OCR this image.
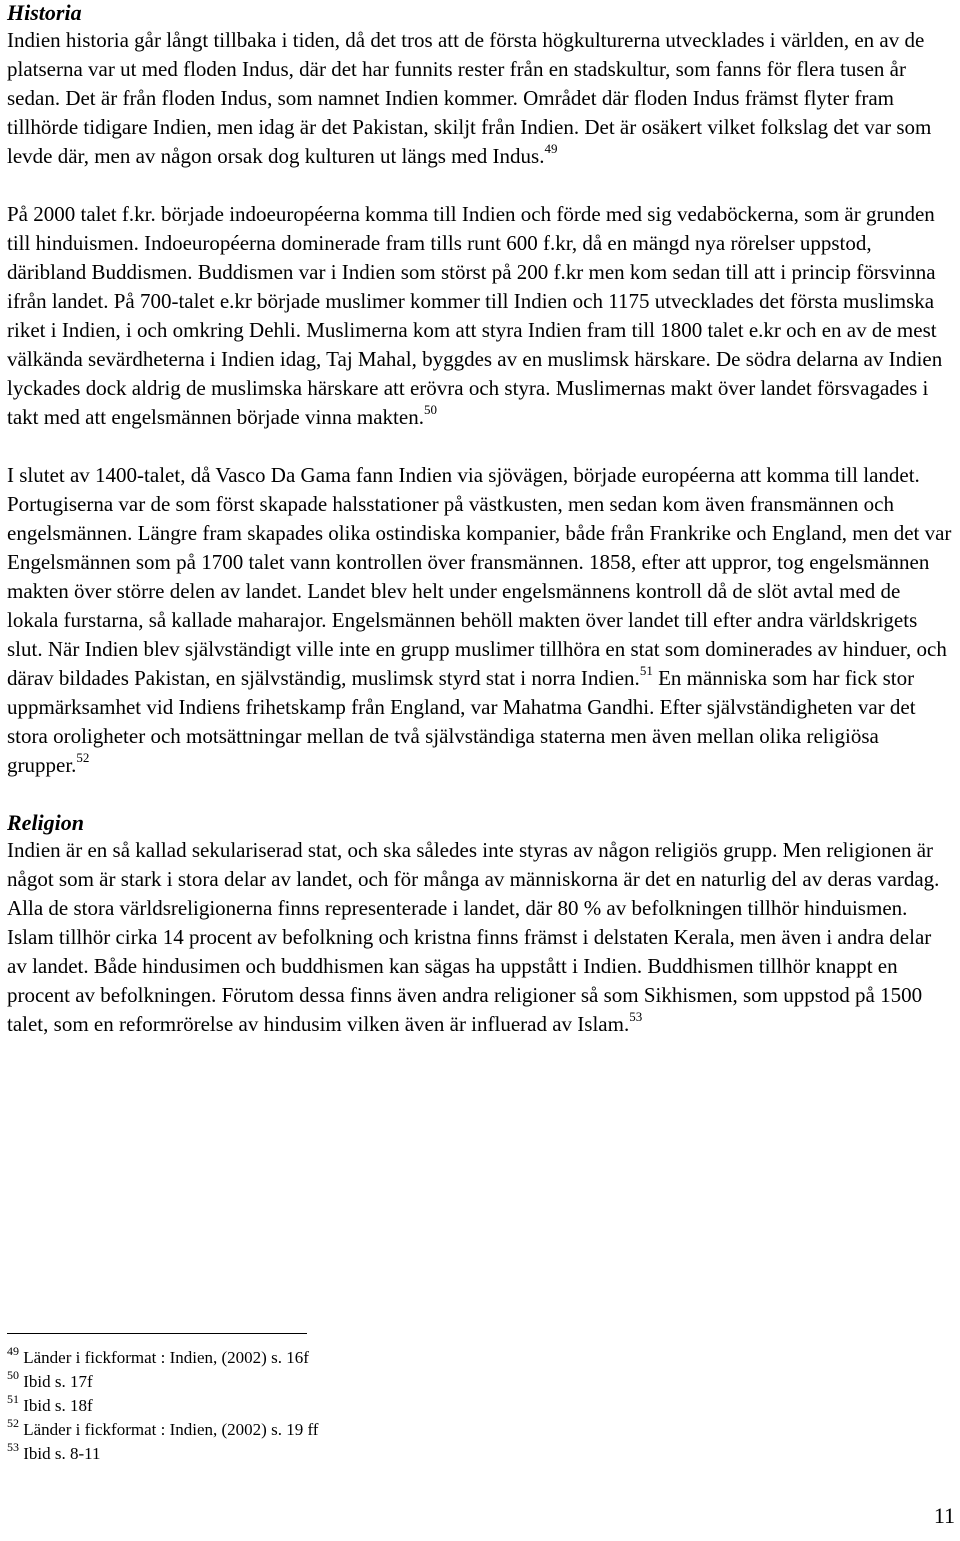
Historia

Indien historia går långt tillbaka i tiden, då det tros att de första högkulturerna utvecklades i världen, en av de platserna var ut med floden Indus, där det har funnits rester från en stadskultur, som fanns för flera tusen år sedan. Det är från floden Indus, som namnet Indien kommer. Området där floden Indus främst flyter fram tillhörde tidigare Indien, men idag är det Pakistan, skiljt från Indien. Det är osäkert vilket folkslag det var som levde där, men av någon orsak dog kulturen ut längs med Indus.$^{49}$

På 2000 talet f.kr. började indoeuropéerna komma till Indien och förde med sig vedaböckerna, som är grunden till hinduismen. Indoeuropéerna dominerade fram tills runt 600 f.kr, då en mängd nya rörelser uppstod, däribland Buddismen. Buddismen var i Indien som störst på 200 f.kr men kom sedan till att i princip försvinna ifrån landet. På 700-talet e.kr började muslimer kommer till Indien och 1175 utvecklades det första muslimska riket i Indien, i och omkring Dehli. Muslimerna kom att styra Indien fram till 1800 talet e.kr och en av de mest välkända sevärdheterna i Indien idag, Taj Mahal, byggdes av en muslimsk härskare. De södra delarna av Indien lyckades dock aldrig de muslimska härskare att erövra och styra. Muslimernas makt över landet försvagades i takt med att engelsmännen började vinna makten.$^{50}$

I slutet av 1400-talet, då Vasco Da Gama fann Indien via sjövägen, började européerna att komma till landet. Portugiserna var de som först skapade halsstationer på västkusten, men sedan kom även fransmännen och engelsmännen. Längre fram skapades olika ostindiska kompanier, både från Frankrike och England, men det var Engelsmännen som på 1700 talet vann kontrollen över fransmännen. 1858, efter att uppror, tog engelsmännen makten över större delen av landet. Landet blev helt under engelsmännens kontroll då de slöt avtal med de lokala furstarna, så kallade maharajor. Engelsmännen behöll makten över landet till efter andra världskrigets slut. När Indien blev självständigt ville inte en grupp muslimer tillhöra en stat som dominerades av hinduer, och därav bildades Pakistan, en självständig, muslimsk styrd stat i norra Indien.$^{51}$ En människa som har fick stor uppmärksamhet vid Indiens frihetskamp från England, var Mahatma Gandhi. Efter självständigheten var det stora oroligheter och motsättningar mellan de två självständiga staterna men även mellan olika religiösa grupper.$^{52}$

Religion

Indien är en så kallad sekulariserad stat, och ska således inte styras av någon religiös grupp. Men religionen är något som är stark i stora delar av landet, och för många av människorna är det en naturlig del av deras vardag. Alla de stora världsreligionerna finns representerade i landet, där 80 % av befolkningen tillhör hinduismen. Islam tillhör cirka 14 procent av befolkning och kristna finns främst i delstaten Kerala, men även i andra delar av landet. Både hindusimen och buddhismen kan sägas ha uppstått i Indien. Buddhismen tillhör knappt en procent av befolkningen. Förutom dessa finns även andra religioner så som Sikhismen, som uppstod på 1500 talet, som en reformrörelse av hindusim vilken även är influerad av Islam.$^{53}$

$^{49}$ Länder i fickformat : Indien, (2002) s. 16f

$^{50}$ Ibid s. 17f

$^{51}$ Ibid s. 18f

$^{52}$ Länder i fickformat : Indien, (2002) s. 19 ff

$^{53}$ Ibid s. 8-11

11
